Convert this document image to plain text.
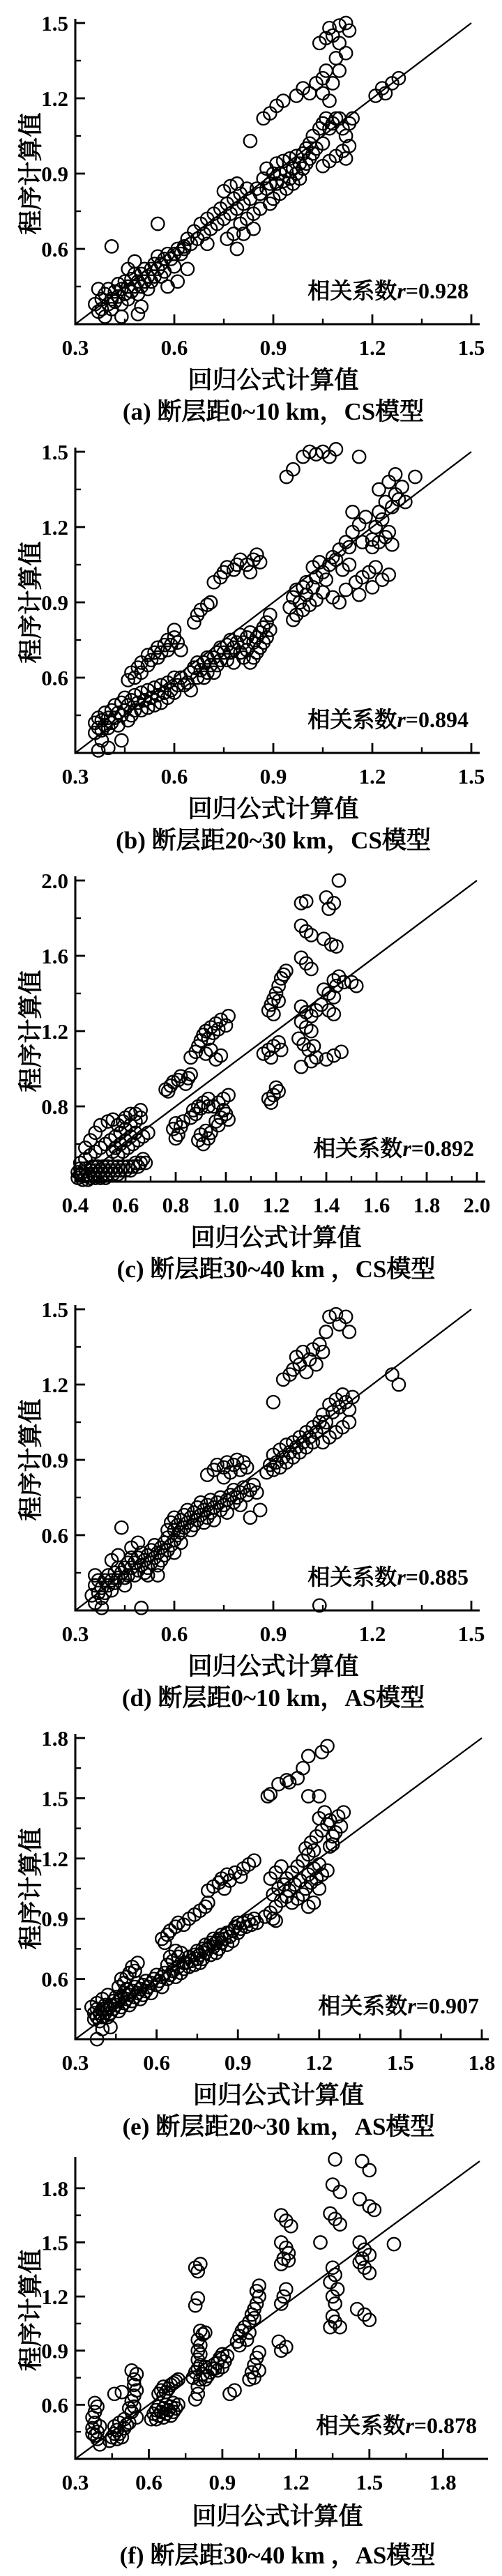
0.3	0.6	0.9	1.2	1.5
0.6
0.9
1.2
1.5
相关系数r=0.928
回归公式计算值
程序计算值
(a) 断层距0~10 km，CS模型
0.3	0.6	0.9	1.2	1.5
0.6
0.9
1.2
1.5
相关系数r=0.894
回归公式计算值
程序计算值
(b) 断层距20~30 km，CS模型
0.4 0.6 0.8 1.0 1.2 1.4 1.6 1.8 2.0
0.8
1.2
1.6
2.0
相关系数r=0.892
回归公式计算值
程序计算值
(c) 断层距30~40 km ，CS模型
0.3	0.6	0.9	1.2	1.5
0.6
0.9
1.2
1.5
相关系数r=0.885
回归公式计算值
程序计算值
(d) 断层距0~10 km，AS模型
0.3	0.6	0.9	1.2	1.5	1.8
0.6
0.9
1.2
1.5
1.8
相关系数r=0.907
回归公式计算值
程序计算值
(e) 断层距20~30 km，AS模型
0.3 0.6 0.9 1.2 1.5 1.8
0.6
0.9
1.2
1.5
1.8
相关系数r=0.878
回归公式计算值
程序计算值
(f) 断层距30~40 km ，AS模型
